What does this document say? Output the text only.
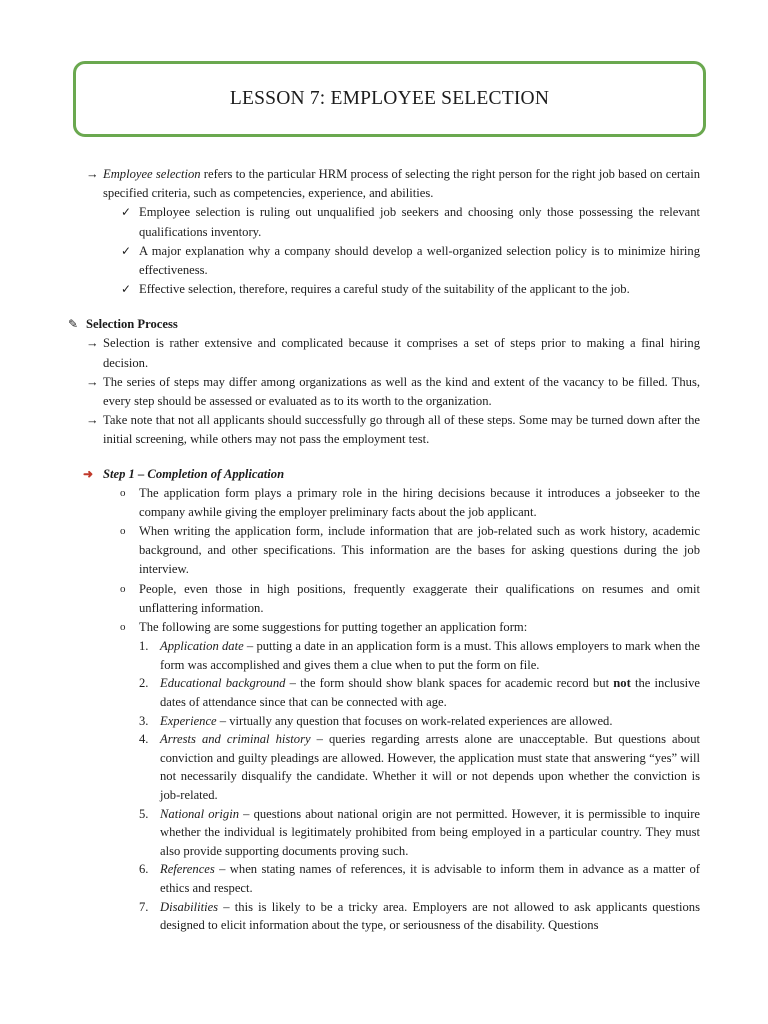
LESSON 7: EMPLOYEE SELECTION
→ Employee selection refers to the particular HRM process of selecting the right person for the right job based on certain specified criteria, such as competencies, experience, and abilities.
✓ Employee selection is ruling out unqualified job seekers and choosing only those possessing the relevant qualifications inventory.
✓ A major explanation why a company should develop a well-organized selection policy is to minimize hiring effectiveness.
✓ Effective selection, therefore, requires a careful study of the suitability of the applicant to the job.
✎ Selection Process
→ Selection is rather extensive and complicated because it comprises a set of steps prior to making a final hiring decision.
→ The series of steps may differ among organizations as well as the kind and extent of the vacancy to be filled. Thus, every step should be assessed or evaluated as to its worth to the organization.
→ Take note that not all applicants should successfully go through all of these steps. Some may be turned down after the initial screening, while others may not pass the employment test.
➜ Step 1 – Completion of Application
o The application form plays a primary role in the hiring decisions because it introduces a jobseeker to the company awhile giving the employer preliminary facts about the job applicant.
o When writing the application form, include information that are job-related such as work history, academic background, and other specifications. This information are the bases for asking questions during the job interview.
o People, even those in high positions, frequently exaggerate their qualifications on resumes and omit unflattering information.
o The following are some suggestions for putting together an application form:
1. Application date – putting a date in an application form is a must. This allows employers to mark when the form was accomplished and gives them a clue when to put the form on file.
2. Educational background – the form should show blank spaces for academic record but not the inclusive dates of attendance since that can be connected with age.
3. Experience – virtually any question that focuses on work-related experiences are allowed.
4. Arrests and criminal history – queries regarding arrests alone are unacceptable. But questions about conviction and guilty pleadings are allowed. However, the application must state that answering “yes” will not necessarily disqualify the candidate. Whether it will or not depends upon whether the conviction is job-related.
5. National origin – questions about national origin are not permitted. However, it is permissible to inquire whether the individual is legitimately prohibited from being employed in a particular country. They must also provide supporting documents proving such.
6. References – when stating names of references, it is advisable to inform them in advance as a matter of ethics and respect.
7. Disabilities – this is likely to be a tricky area. Employers are not allowed to ask applicants questions designed to elicit information about the type, or seriousness of the disability. Questions
